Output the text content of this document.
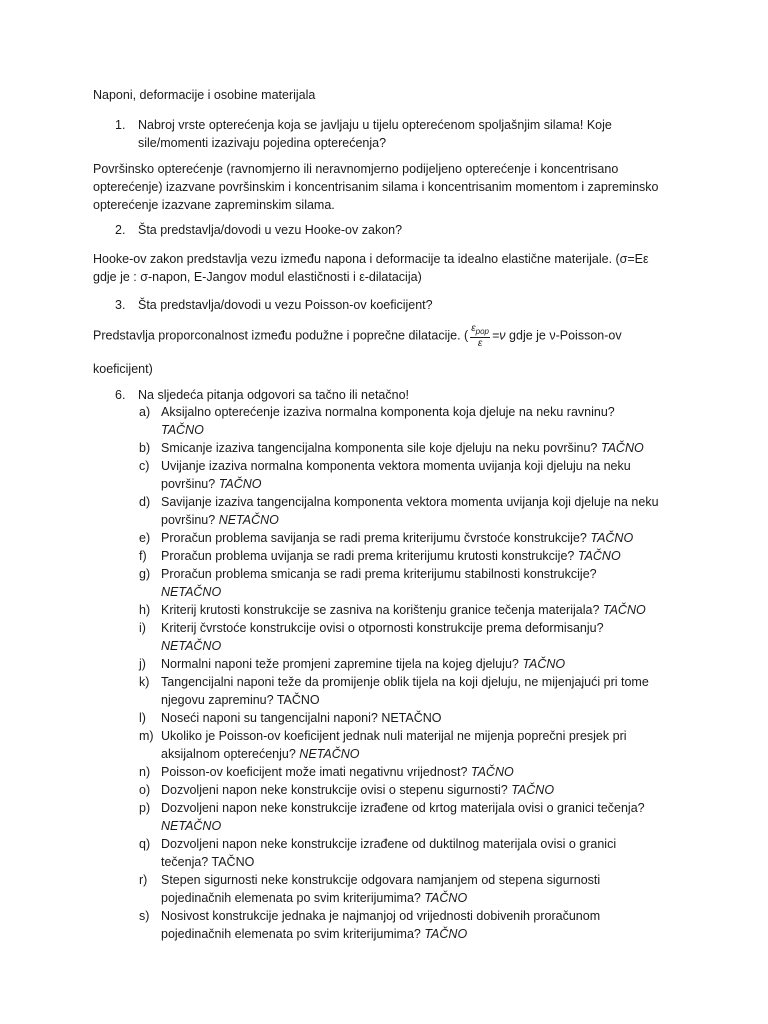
Naponi, deformacije i osobine materijala
1.	Nabroj vrste opterećenja koja se javljaju u tijelu opterećenom spoljašnjim silama! Koje sile/momenti izazivaju pojedina opterećenja?

Površinsko opterećenje (ravnomjerno ili neravnomjerno podijeljeno opterećenje i koncentrisano opterećenje) izazvane površinskim i koncentrisanim silama i koncentrisanim momentom i zapreminsko opterećenje izazvane zapreminskim silama.

2.	Šta predstavlja/dovodi u vezu Hooke-ov zakon?

Hooke-ov zakon predstavlja vezu između napona i deformacije ta idealno elastične materijale. (σ=Eε gdje je : σ-napon, E-Jangov modul elastičnosti i ε-dilatacija)

3.	Šta predstavlja/dovodi u vezu Poisson-ov koeficijent?

Predstavlja proporconalnost između podužne i poprečne dilatacije. ( $\varepsilon_{pop}$
ε
=ν gdje je ν-Poisson-ov

koeficijent)

6.	Na sljedeća pitanja odgovori sa tačno ili netačno!
a) Aksijalno opterećenje izaziva normalna komponenta koja djeluje na neku ravninu? TAČNO
b) Smicanje izaziva tangencijalna komponenta sile koje djeluju na neku površinu? TAČNO
c) Uvijanje izaziva normalna komponenta vektora momenta uvijanja koji djeluju na neku površinu? TAČNO
d) Savijanje izaziva tangencijalna komponenta vektora momenta uvijanja koji djeluje na neku površinu? NETAČNO
e) Proračun problema savijanja se radi prema kriterijumu čvrstoće konstrukcije? TAČNO
f)	Proračun problema uvijanja se radi prema kriterijumu krutosti konstrukcije? TAČNO
g) Proračun problema smicanja se radi prema kriterijumu stabilnosti konstrukcije? NETAČNO
h) Kriterij krutosti konstrukcije se zasniva na korištenju granice tečenja materijala? TAČNO
i)	Kriterij čvrstoće konstrukcije ovisi o otpornosti konstrukcije prema deformisanju? NETAČNO
j)	Normalni naponi teže promjeni zapremine tijela na kojeg djeluju? TAČNO
k) Tangencijalni naponi teže da promijenje oblik tijela na koji djeluju, ne mijenjajući pri tome njegovu zapreminu? TAČNO
l)	Noseći naponi su tangencijalni naponi? NETAČNO
m) Ukoliko je Poisson-ov koeficijent jednak nuli materijal ne mijenja poprečni presjek pri aksijalnom opterećenju? NETAČNO
n) Poisson-ov koeficijent može imati negativnu vrijednost? TAČNO
o) Dozvoljeni napon neke konstrukcije ovisi o stepenu sigurnosti? TAČNO
p) Dozvoljeni napon neke konstrukcije izrađene od krtog materijala ovisi o granici tečenja? NETAČNO
q) Dozvoljeni napon neke konstrukcije izrađene od duktilnog materijala ovisi o granici tečenja? TAČNO
r)	Stepen sigurnosti neke konstrukcije odgovara namjanjem od stepena sigurnosti pojedinačnih elemenata po svim kriterijumima? TAČNO
s) Nosivost konstrukcije jednaka je najmanjoj od vrijednosti dobivenih proračunom pojedinačnih elemenata po svim kriterijumima? TAČNO
